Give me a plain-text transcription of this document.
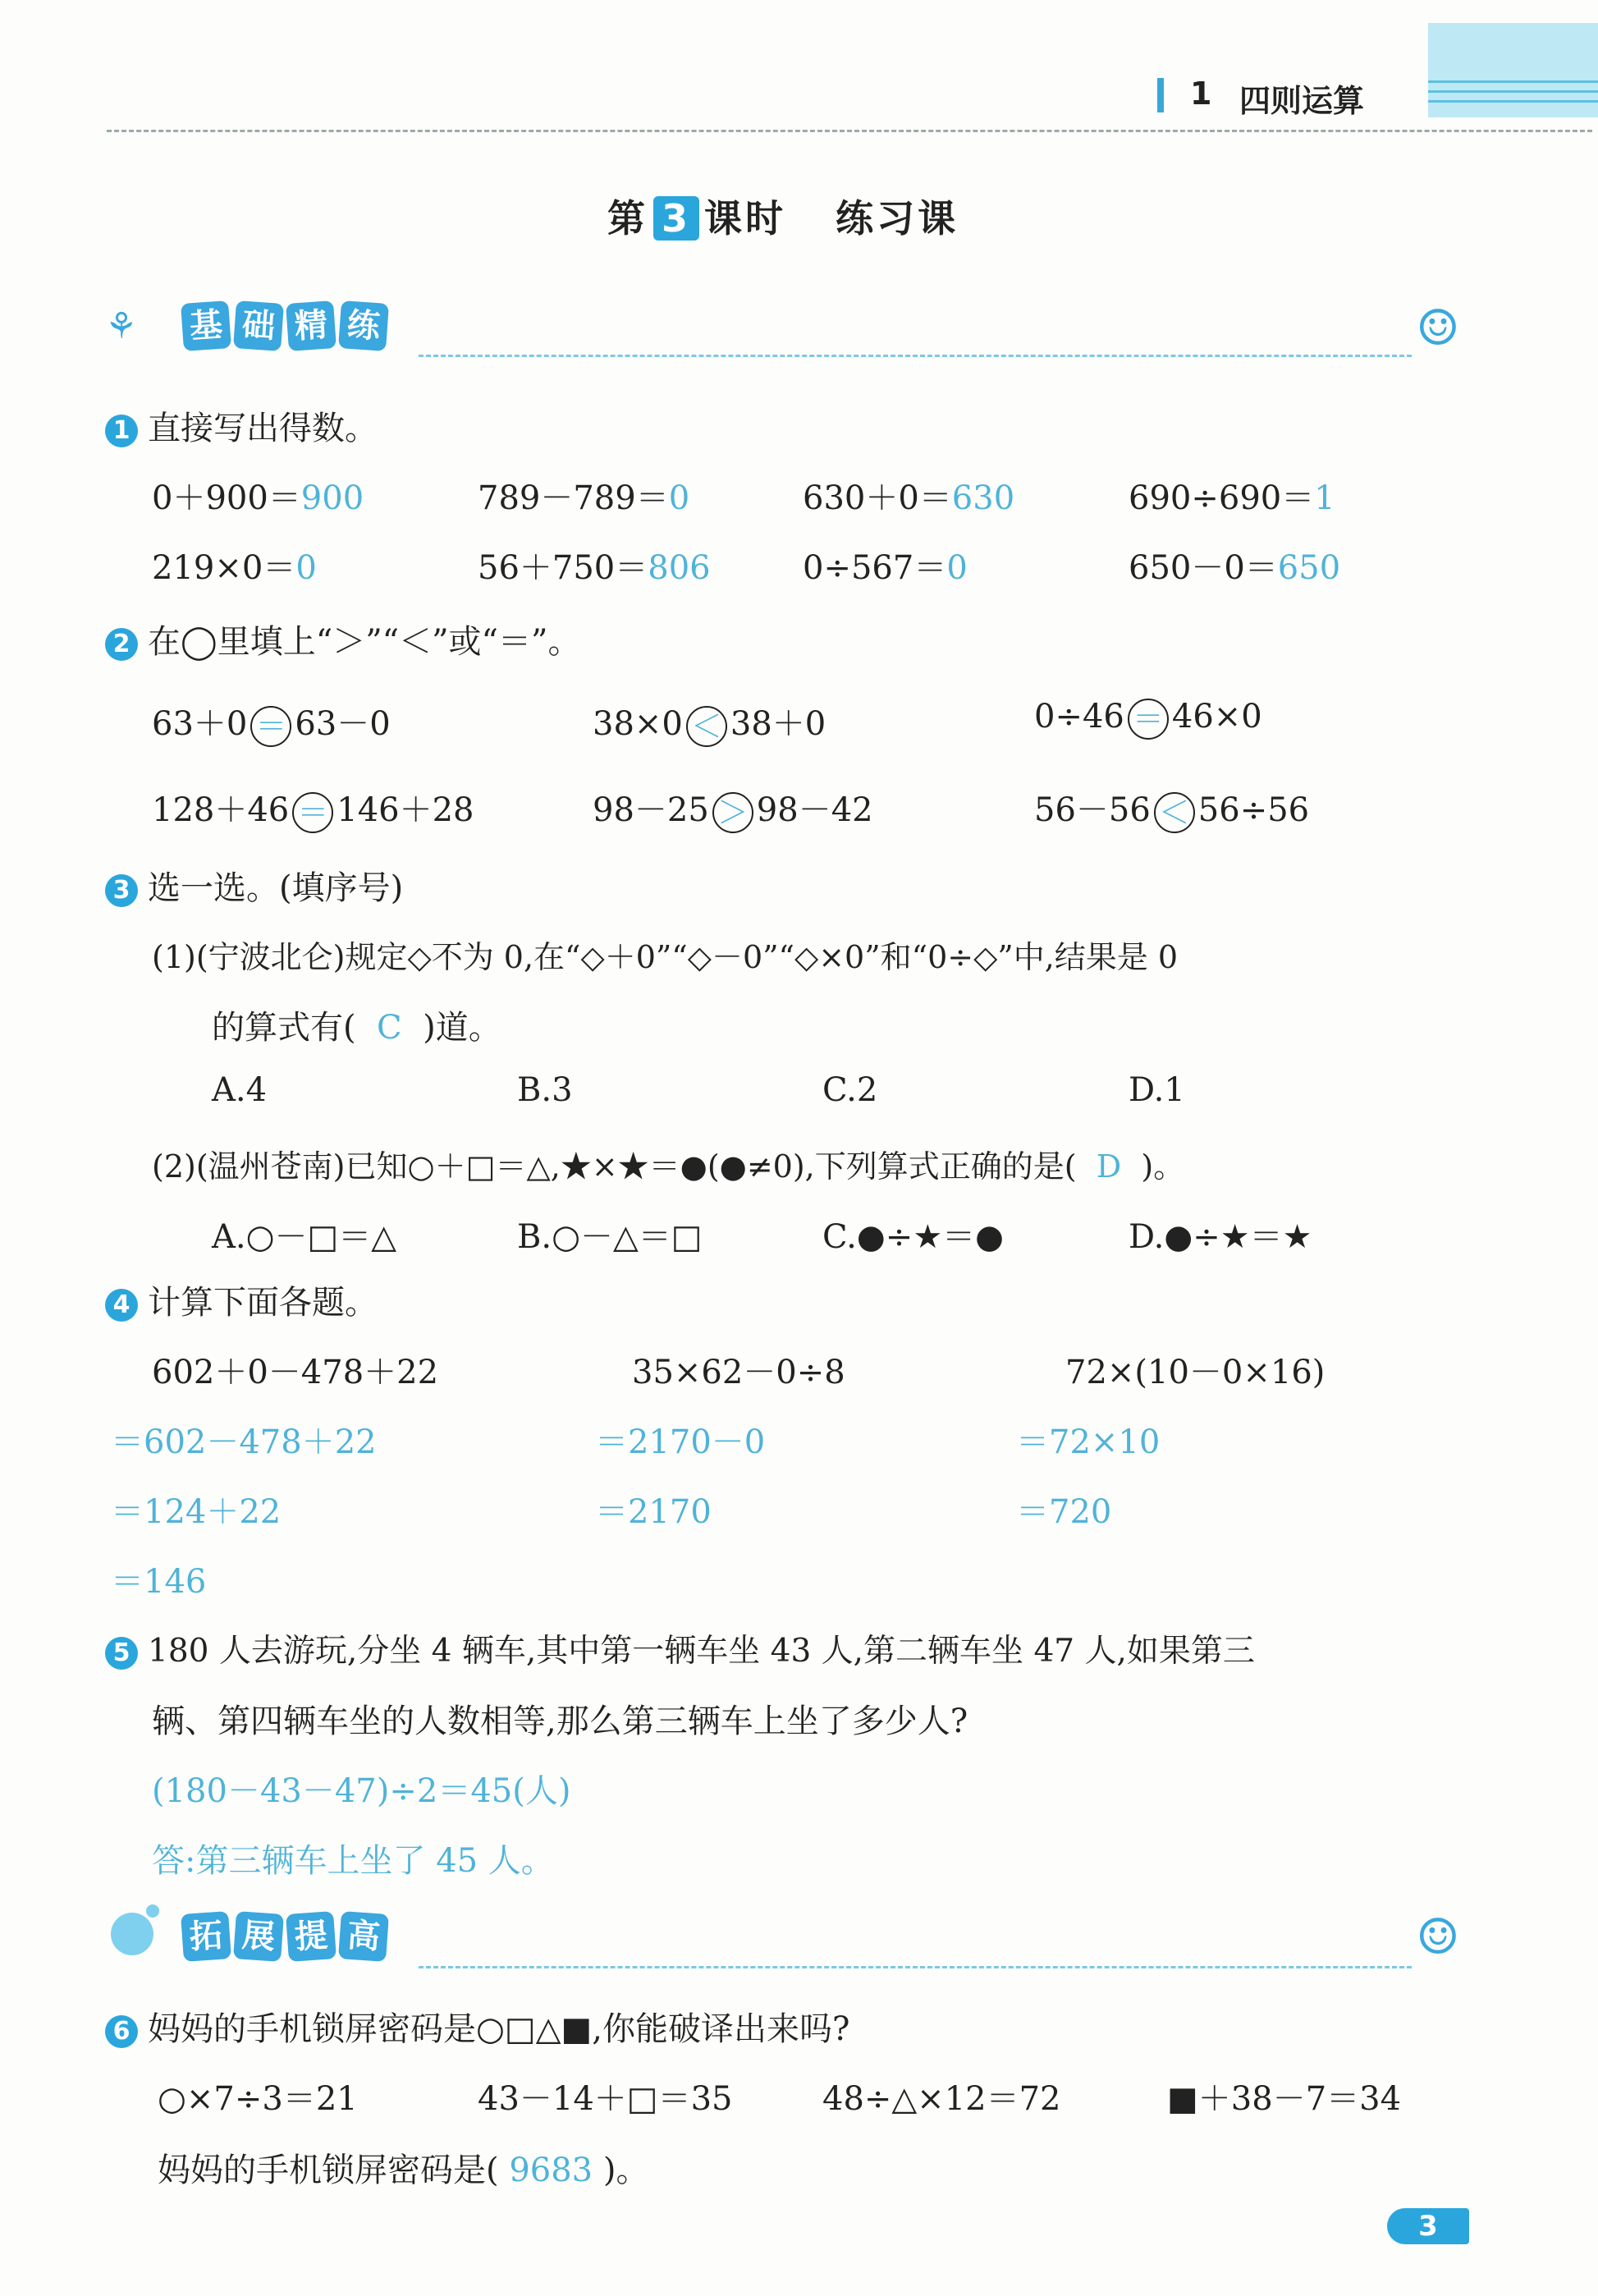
1 四则运算
第 3 课时 练习课
⚘ 基 础 精 练	☺
1 直接写出得数。
0＋900＝900	789－789＝0	630＋0＝630	690÷690＝1
219×0＝0	56＋750＝806	0÷567＝0	650－0＝650
2 在◯里填上“＞”“＜”或“＝”。
63＋0 ＝ 63－0	38×0 ＜ 38＋0	0÷46 ＝ 46×0
128＋46 ＝ 146＋28	98－25 ＞ 98－42	56－56 ＜ 56÷56
3 选一选。(填序号)
(1)(宁波北仑)规定◇不为 0,在“◇＋0”“◇－0”“◇×0”和“0÷◇”中,结果是 0
的算式有( C )道。
A.4	B.3	C.2	D.1
(2)(温州苍南)已知○＋□＝△,★×★＝●(●≠0),下列算式正确的是( D )。
A.○－□＝△	B.○－△＝□	C.●÷★＝●	D.●÷★＝★
4 计算下面各题。
602＋0－478＋22
＝602－478＋22
＝124＋22
＝146
35×62－0÷8
＝2170－0
＝2170
72×(10－0×16)
＝72×10
＝720
5 180 人去游玩,分坐 4 辆车,其中第一辆车坐 43 人,第二辆车坐 47 人,如果第三
辆、第四辆车坐的人数相等,那么第三辆车上坐了多少人?
(180－43－47)÷2＝45(人)
答:第三辆车上坐了 45 人。
拓 展 提 高	☺
6 妈妈的手机锁屏密码是○□△■,你能破译出来吗?
○×7÷3＝21	43－14＋□＝35	48÷△×12＝72	■＋38－7＝34
妈妈的手机锁屏密码是( 9683 )。
3
